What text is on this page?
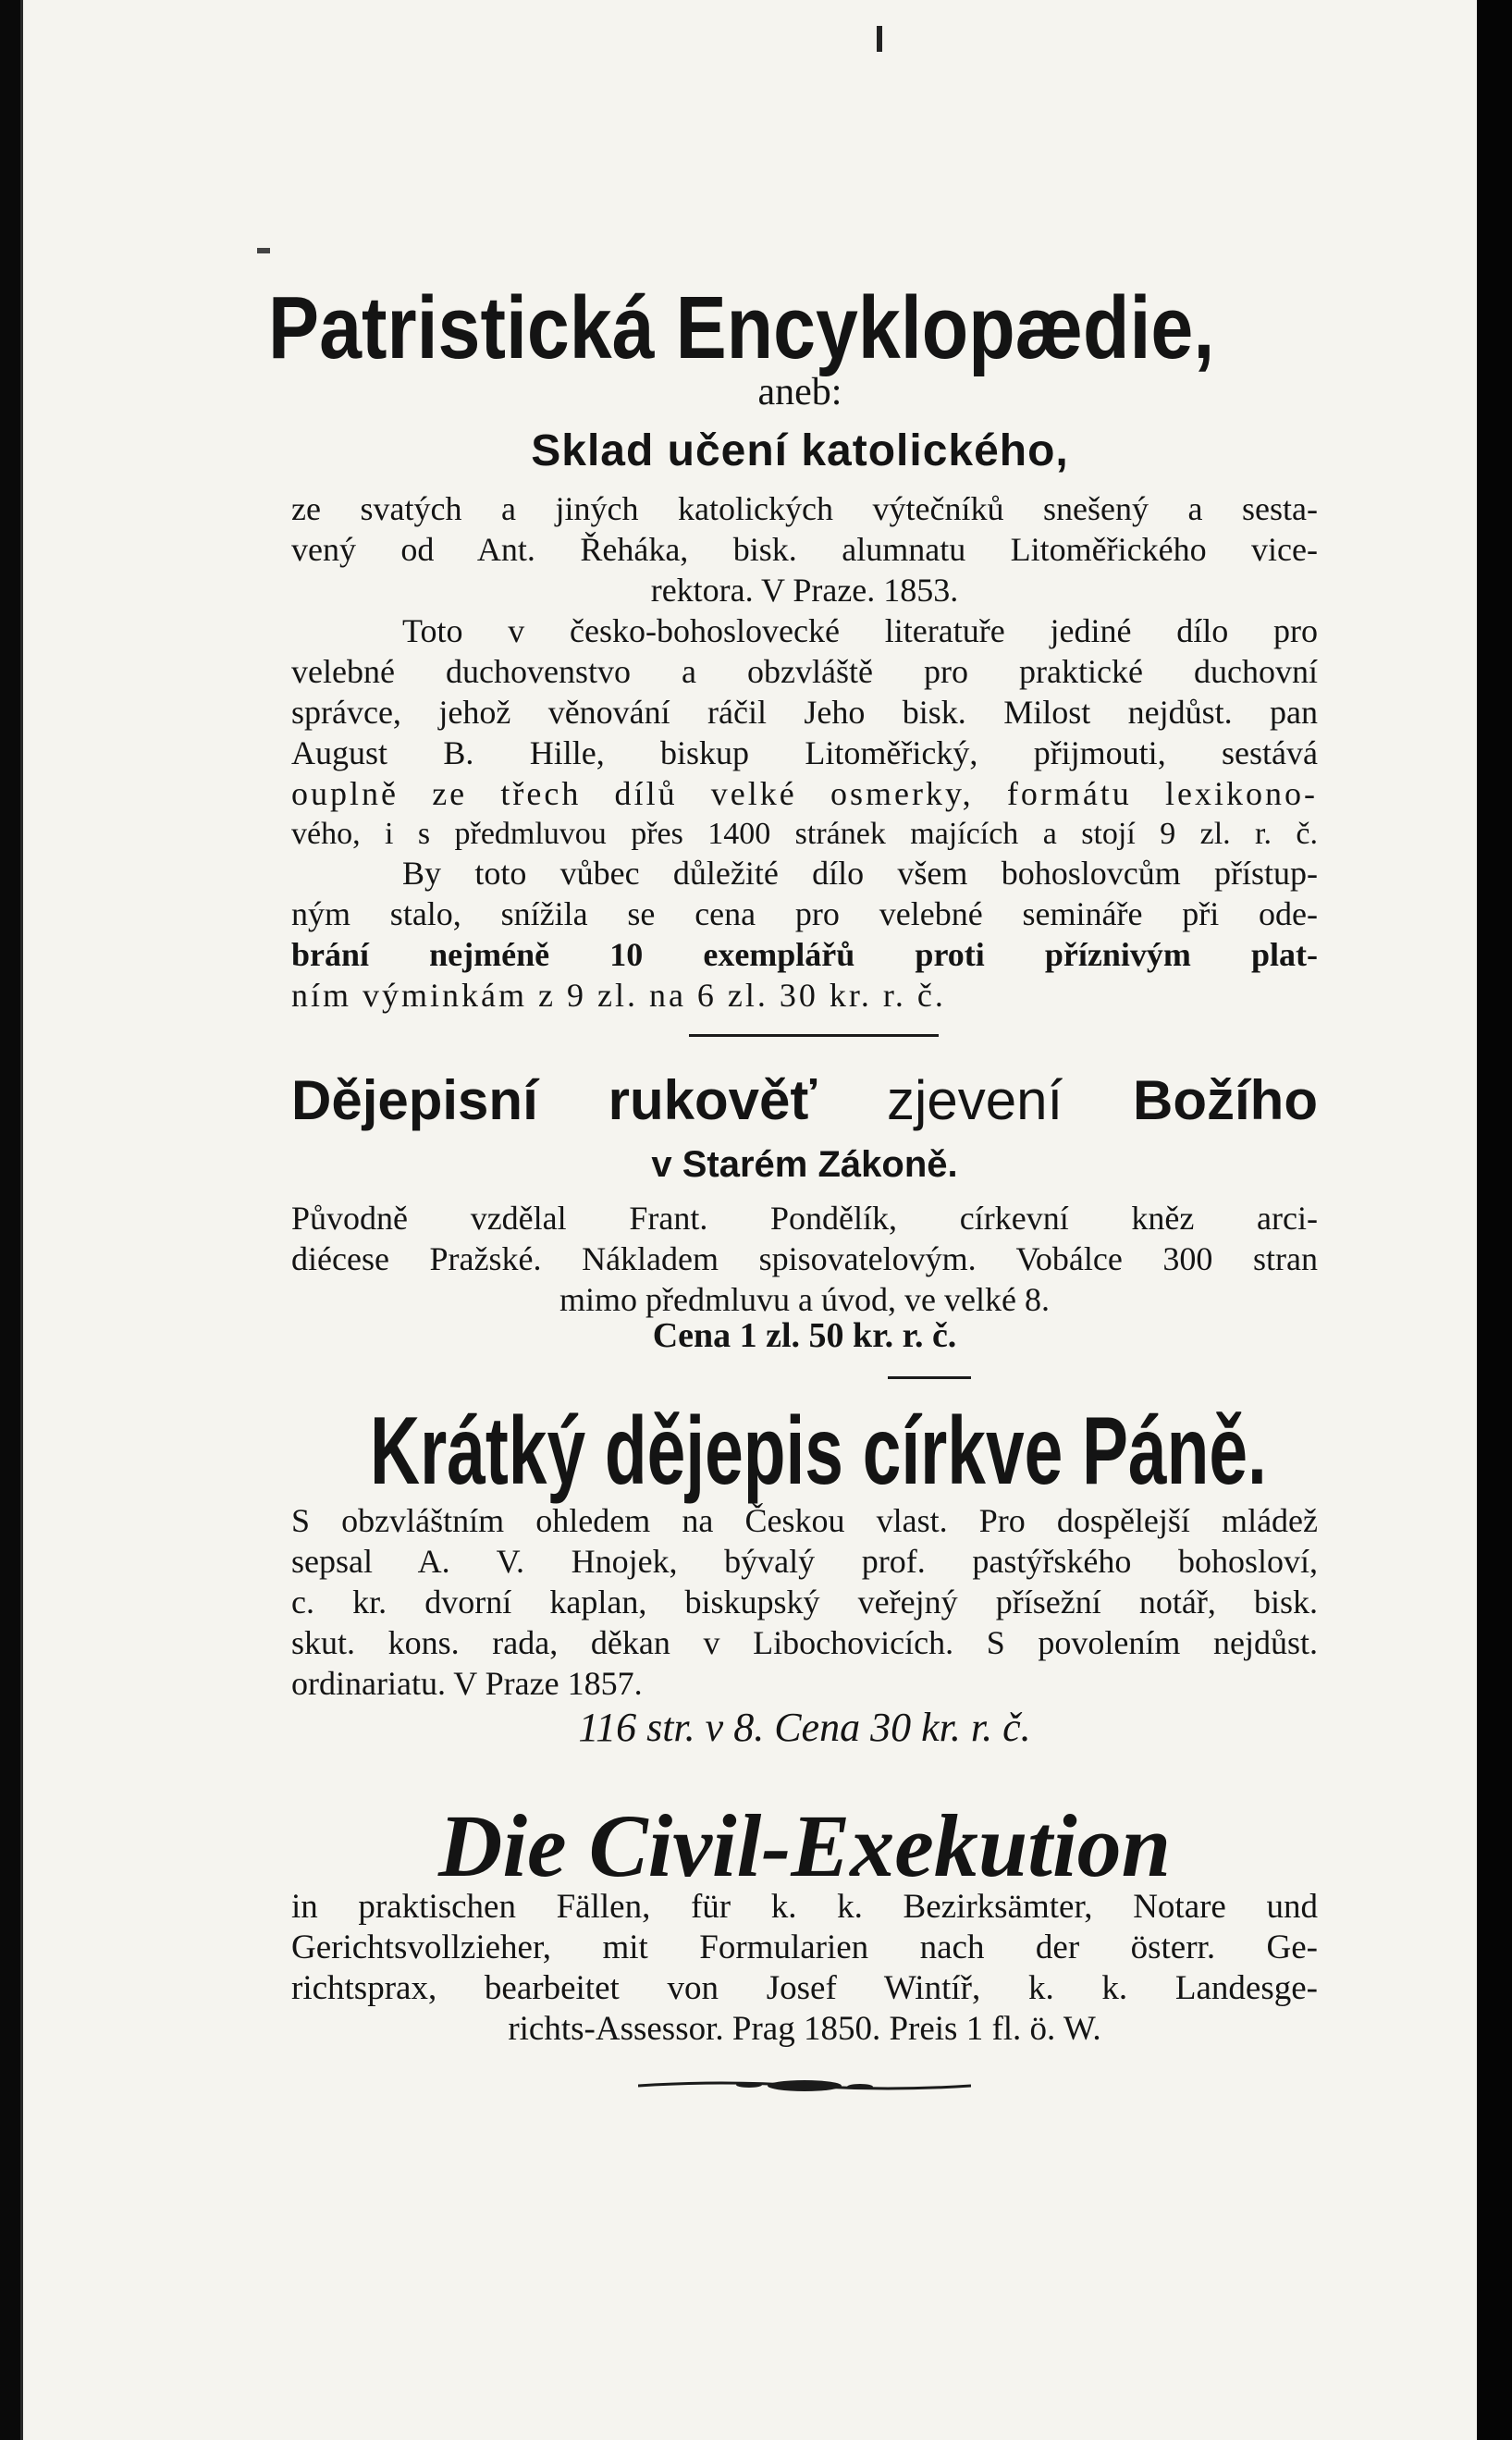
Patristická Encyklopædie,
aneb:
Sklad učení katolického,
ze svatých a jiných katolických výtečníků snešený a sesta-
vený od Ant. Řeháka, bisk. alumnatu Litoměřického vice-
rektora. V Praze. 1853.
Toto v česko-bohoslovecké literatuře jediné dílo pro
velebné duchovenstvo a obzvláště pro praktické duchovní
správce, jehož věnování ráčil Jeho bisk. Milost nejdůst. pan
August B. Hille, biskup Litoměřický, přijmouti, sestává
ouplně ze třech dílů velké osmerky, formátu lexikono-
vého, i s předmluvou přes 1400 stránek majících a stojí 9 zl. r. č.
By toto vůbec důležité dílo všem bohoslovcům přístup-
ným stalo, snížila se cena pro velebné semináře při ode-
brání nejméně 10 exemplářů proti příznivým plat-
ním výminkám z 9 zl. na 6 zl. 30 kr. r. č.
Dějepisní rukověť zjevení Božího
v Starém Zákoně.
Původně vzdělal Frant. Pondělík, církevní kněz arci-
diécese Pražské. Nákladem spisovatelovým. Vobálce 300 stran
mimo předmluvu a úvod, ve velké 8.
Cena 1 zl. 50 kr. r. č.
Krátký dějepis církve Páně.
S obzvláštním ohledem na Českou vlast. Pro dospělejší mládež
sepsal A. V. Hnojek, bývalý prof. pastýřského bohosloví,
c. kr. dvorní kaplan, biskupský veřejný přísežní notář, bisk.
skut. kons. rada, děkan v Libochovicích. S povolením nejdůst.
ordinariatu. V Praze 1857.
116 str. v 8. Cena 30 kr. r. č.
Die Civil-Exekution
in praktischen Fällen, für k. k. Bezirksämter, Notare und
Gerichtsvollzieher, mit Formularien nach der österr. Ge-
richtsprax, bearbeitet von Josef Wintíř, k. k. Landesge-
richts-Assessor. Prag 1850. Preis 1 fl. ö. W.
